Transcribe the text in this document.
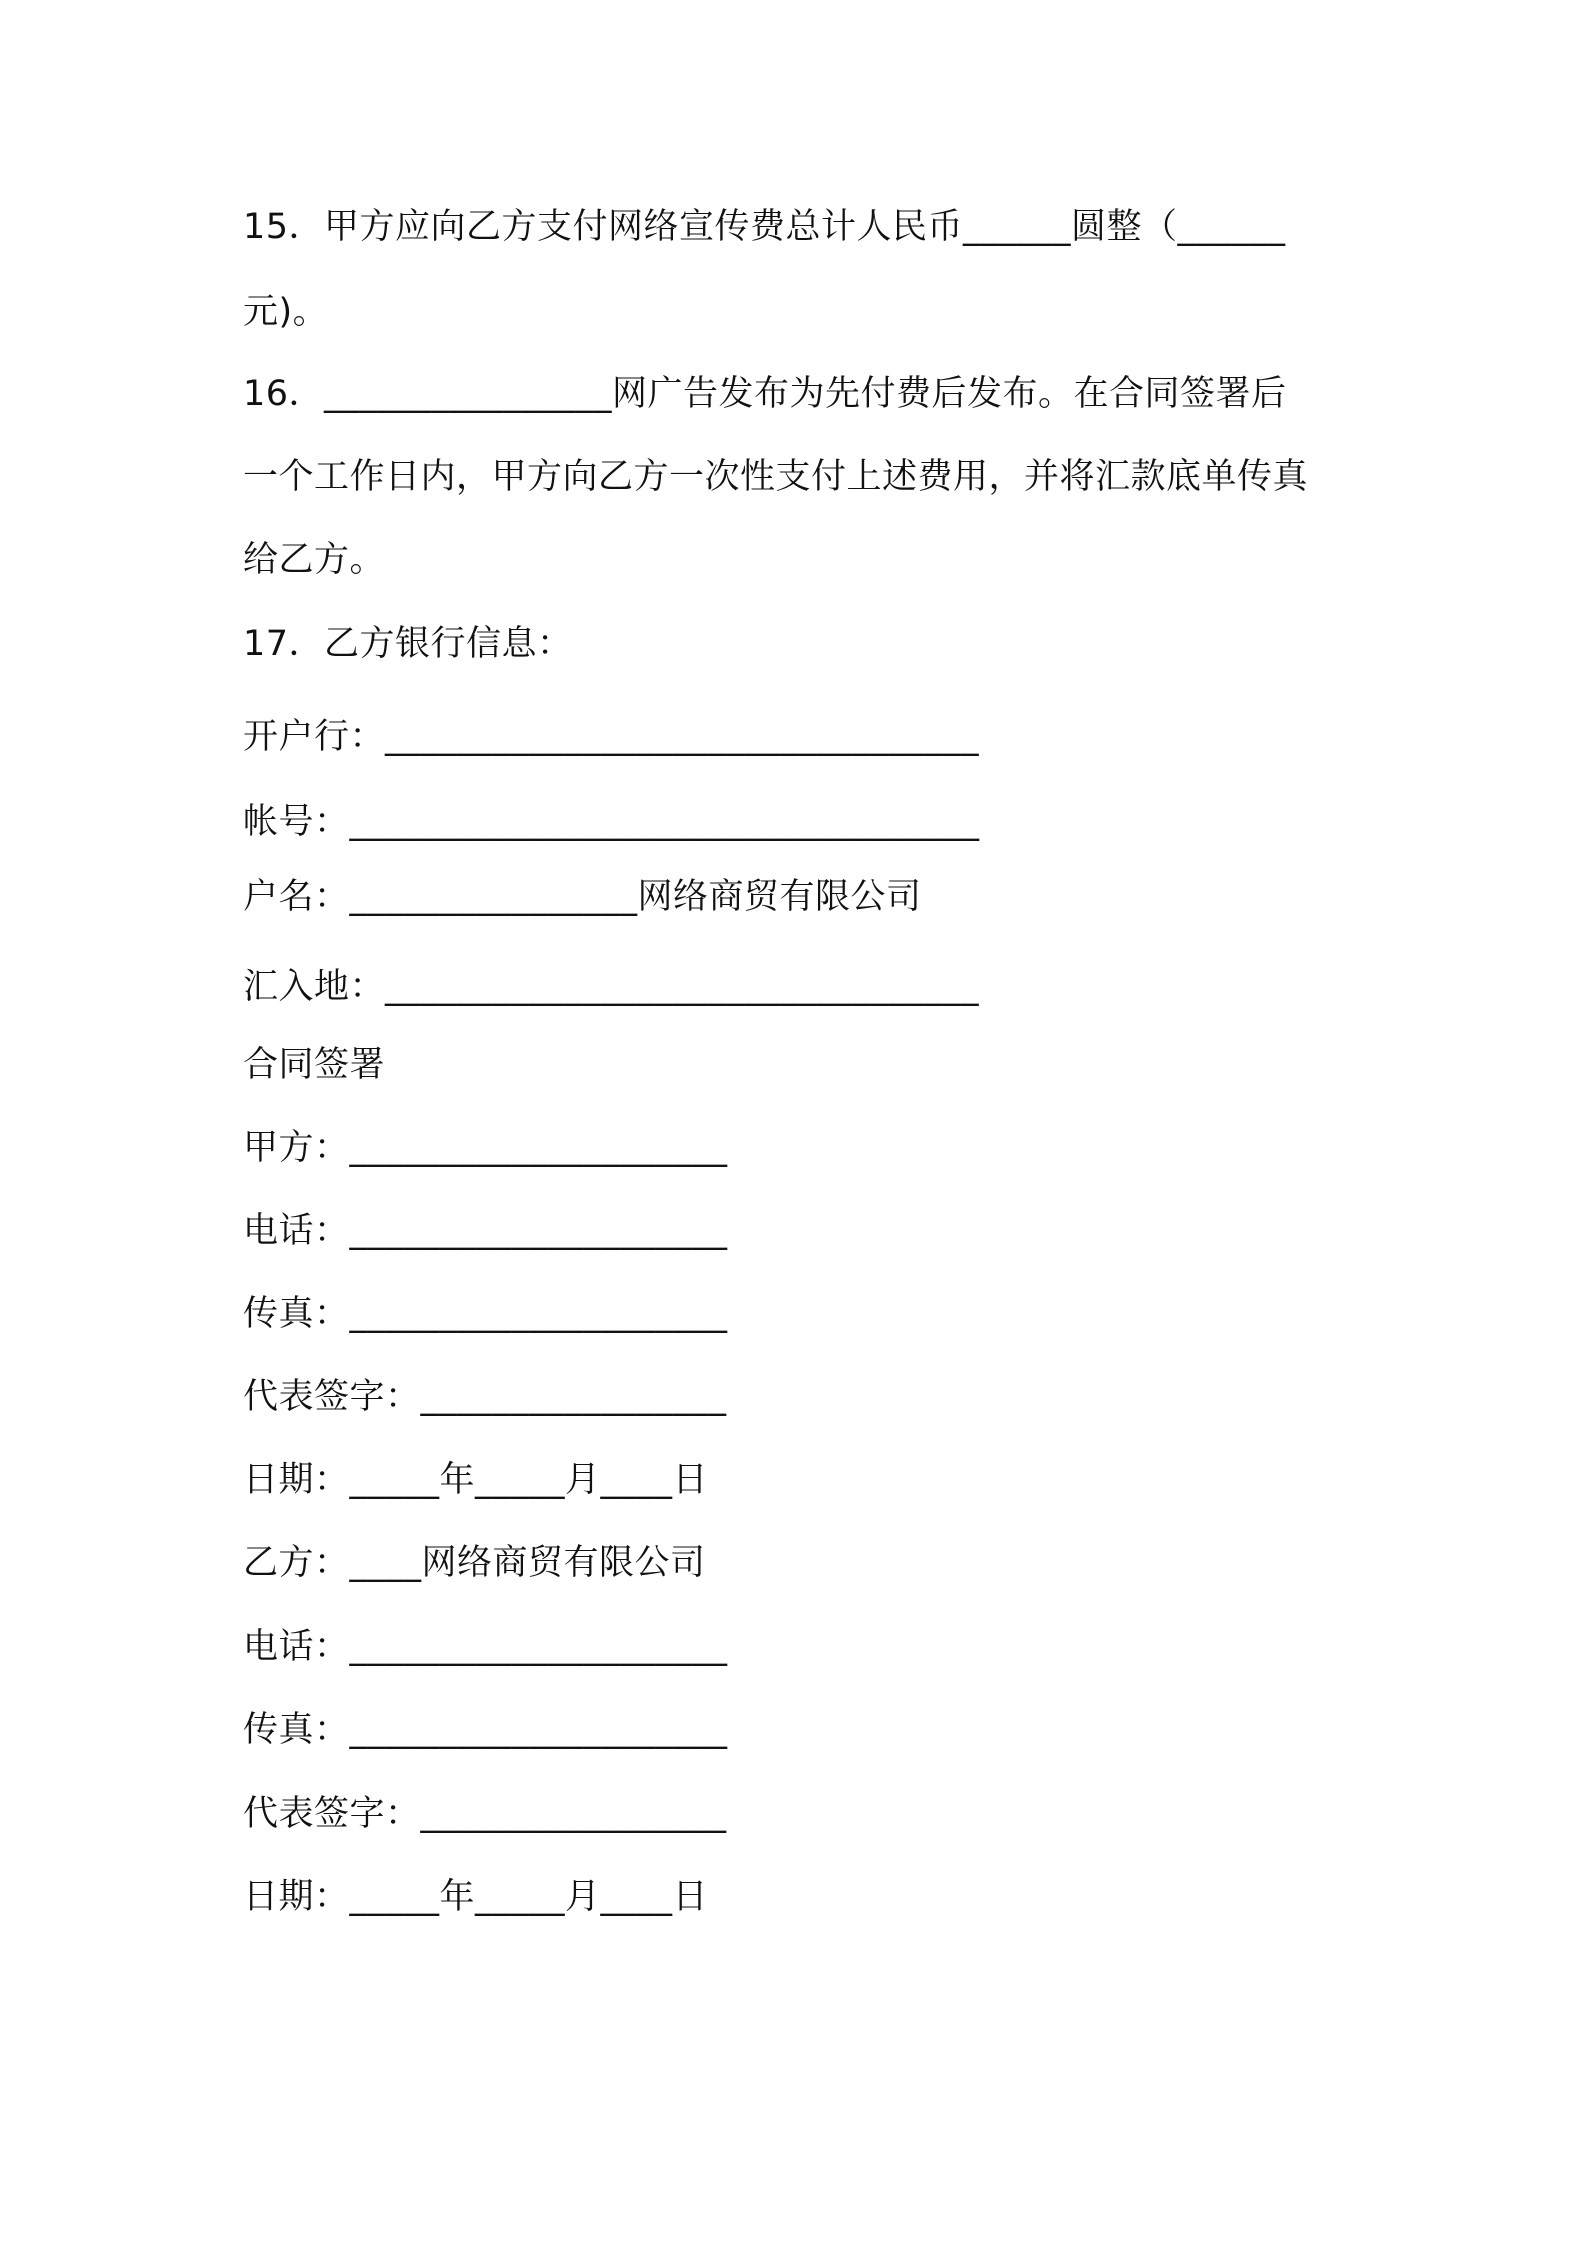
15．甲方应向乙方支付网络宣传费总计人民币______圆整（______
元)。
16．________________网广告发布为先付费后发布。在合同签署后
一个工作日内，甲方向乙方一次性支付上述费用，并将汇款底单传真
给乙方。
17．乙方银行信息：
开户行：_________________________________
帐号：___________________________________
户名：________________网络商贸有限公司
汇入地：_________________________________
合同签署
甲方：_____________________
电话：_____________________
传真：_____________________
代表签字：_________________
日期：_____年_____月____日
乙方：____网络商贸有限公司
电话：_____________________
传真：_____________________
代表签字：_________________
日期：_____年_____月____日
